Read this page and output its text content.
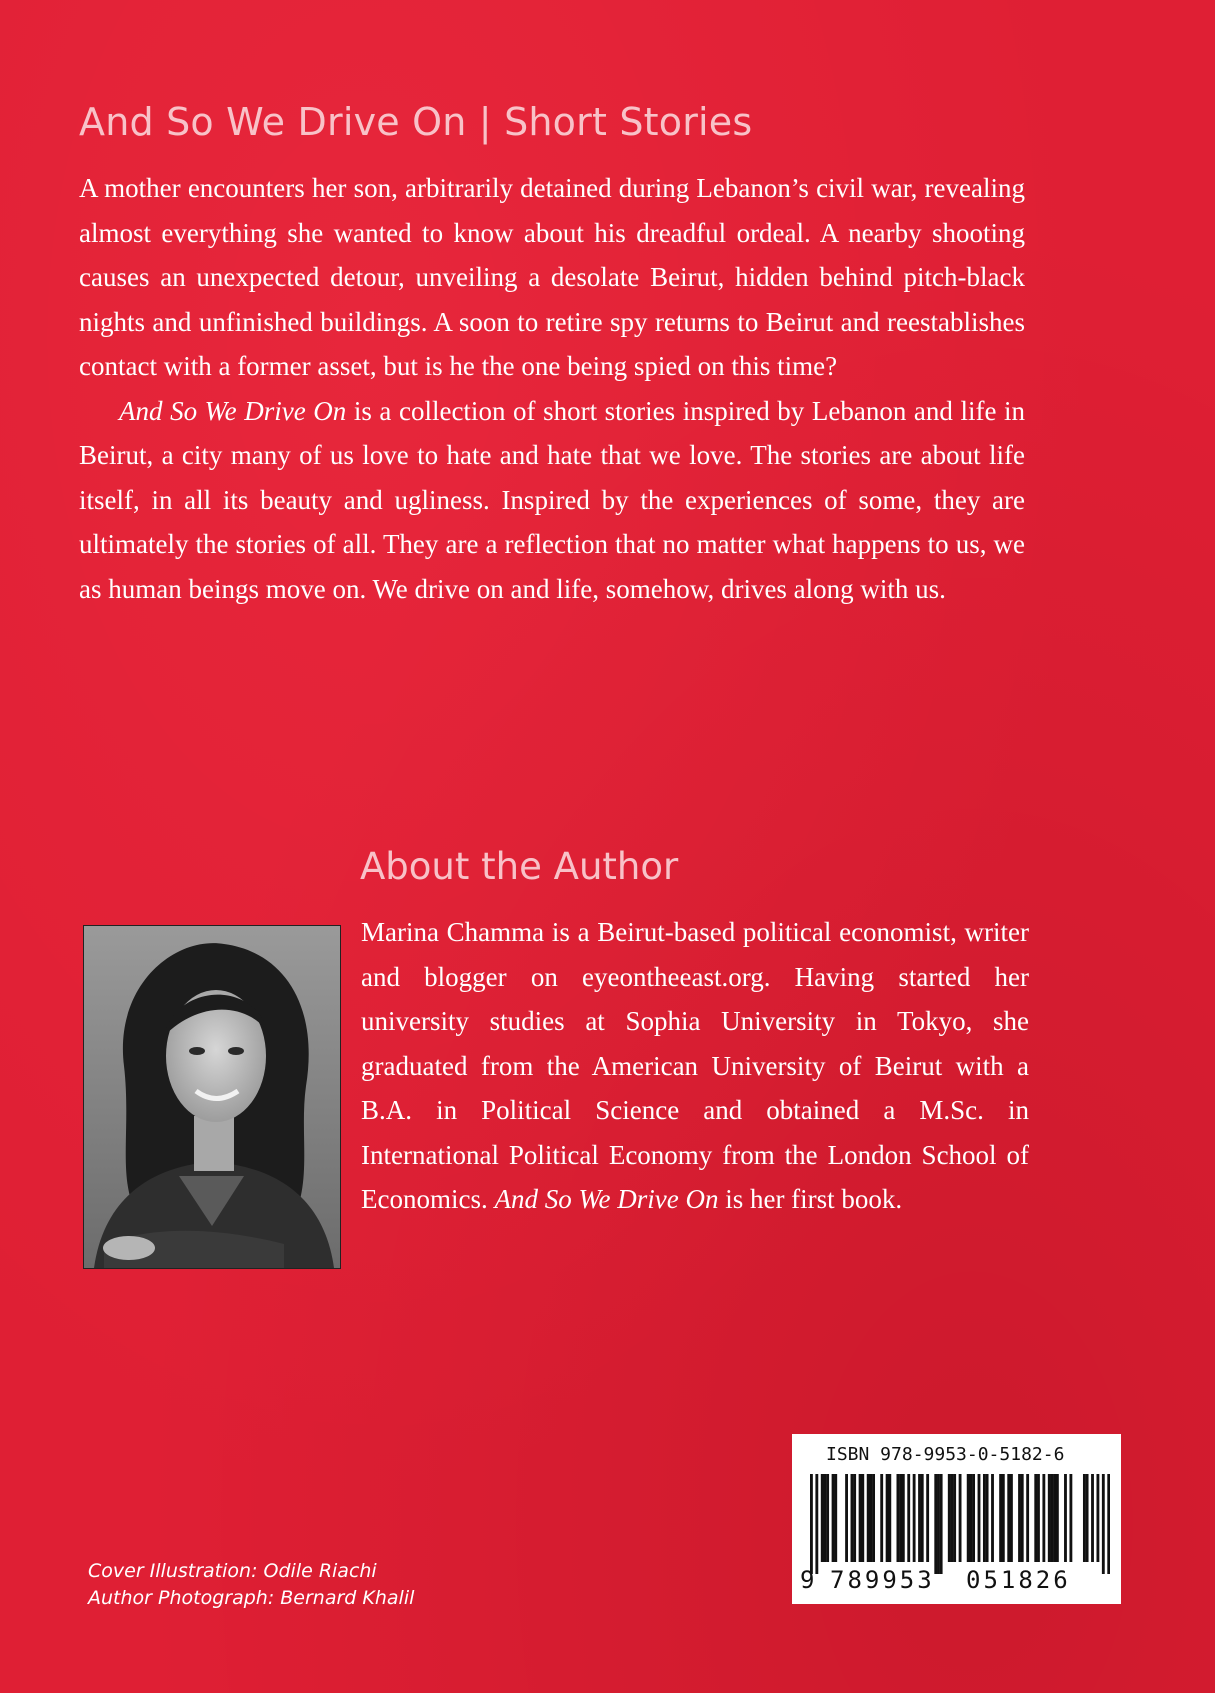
And So We Drive On | Short Stories

A mother encounters her son, arbitrarily detained during Lebanon’s civil war, revealing almost everything she wanted to know about his dreadful ordeal. A nearby shooting causes an unexpected detour, unveiling a desolate Beirut, hidden behind pitch-black nights and unfinished buildings. A soon to retire spy returns to Beirut and reestablishes contact with a former asset, but is he the one being spied on this time?

And So We Drive On is a collection of short stories inspired by Lebanon and life in Beirut, a city many of us love to hate and hate that we love. The stories are about life itself, in all its beauty and ugliness. Inspired by the experiences of some, they are ultimately the stories of all. They are a reflection that no matter what happens to us, we as human beings move on. We drive on and life, somehow, drives along with us.

About the Author
Marina Chamma is a Beirut-based political economist, writer and blogger on eyeontheeast.org. Having started her university studies at Sophia University in Tokyo, she graduated from the American University of Beirut with a B.A. in Political Science and obtained a M.Sc. in International Political Economy from the London School of Economics. And So We Drive On is her first book.
Cover Illustration: Odile Riachi
Author Photograph: Bernard Khalil
ISBN 978-9953-0-5182-6
9 789953 051826
